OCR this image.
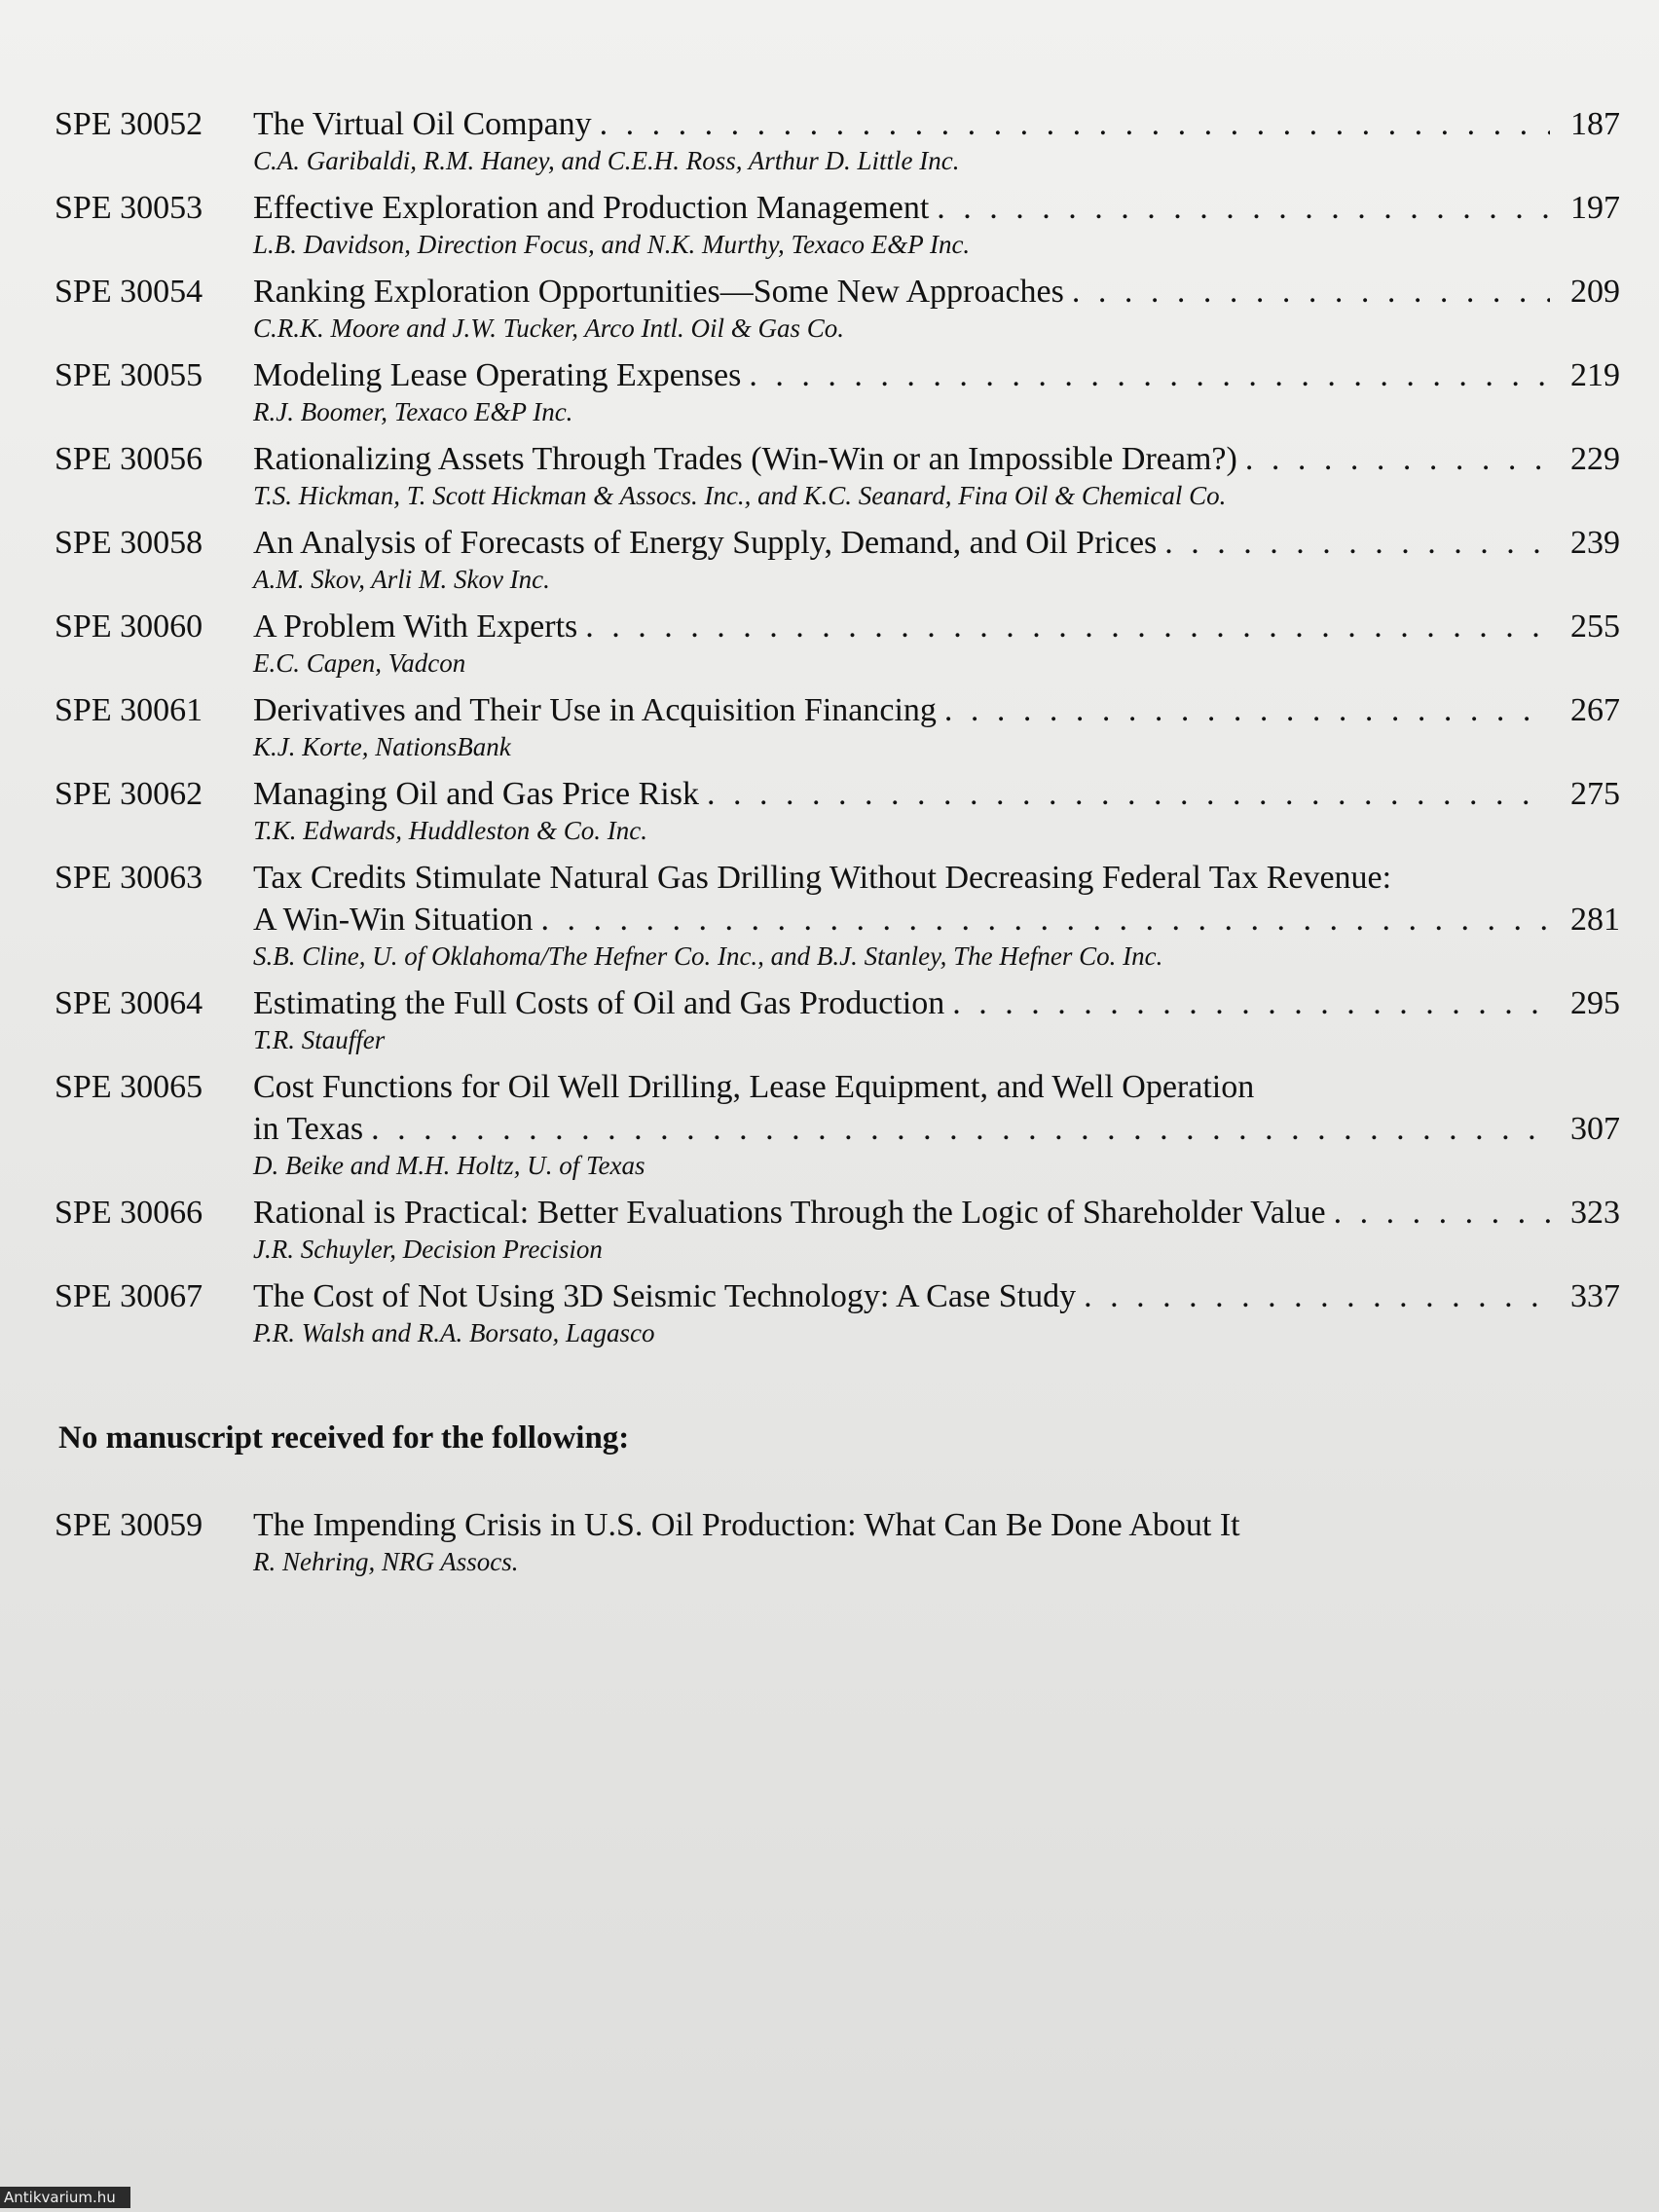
SPE 30052	The Virtual Oil Company . . .	187
C.A. Garibaldi, R.M. Haney, and C.E.H. Ross, Arthur D. Little Inc.
SPE 30053	Effective Exploration and Production Management . . .	197
L.B. Davidson, Direction Focus, and N.K. Murthy, Texaco E&P Inc.
SPE 30054	Ranking Exploration Opportunities—Some New Approaches . . .	209
C.R.K. Moore and J.W. Tucker, Arco Intl. Oil & Gas Co.
SPE 30055	Modeling Lease Operating Expenses . . .	219
R.J. Boomer, Texaco E&P Inc.
SPE 30056	Rationalizing Assets Through Trades (Win-Win or an Impossible Dream?) . . .	229
T.S. Hickman, T. Scott Hickman & Assocs. Inc., and K.C. Seanard, Fina Oil & Chemical Co.
SPE 30058	An Analysis of Forecasts of Energy Supply, Demand, and Oil Prices . . .	239
A.M. Skov, Arli M. Skov Inc.
SPE 30060	A Problem With Experts . . .	255
E.C. Capen, Vadcon
SPE 30061	Derivatives and Their Use in Acquisition Financing . . .	267
K.J. Korte, NationsBank
SPE 30062	Managing Oil and Gas Price Risk . . .	275
T.K. Edwards, Huddleston & Co. Inc.
SPE 30063	Tax Credits Stimulate Natural Gas Drilling Without Decreasing Federal Tax Revenue:
A Win-Win Situation . . .	281
S.B. Cline, U. of Oklahoma/The Hefner Co. Inc., and B.J. Stanley, The Hefner Co. Inc.
SPE 30064	Estimating the Full Costs of Oil and Gas Production . . .	295
T.R. Stauffer
SPE 30065	Cost Functions for Oil Well Drilling, Lease Equipment, and Well Operation
in Texas . . .	307
D. Beike and M.H. Holtz, U. of Texas
SPE 30066	Rational is Practical: Better Evaluations Through the Logic of Shareholder Value . . .	323
J.R. Schuyler, Decision Precision
SPE 30067	The Cost of Not Using 3D Seismic Technology: A Case Study . . .	337
P.R. Walsh and R.A. Borsato, Lagasco
No manuscript received for the following:
SPE 30059	The Impending Crisis in U.S. Oil Production: What Can Be Done About It
R. Nehring, NRG Assocs.
Antikvarium.hu
